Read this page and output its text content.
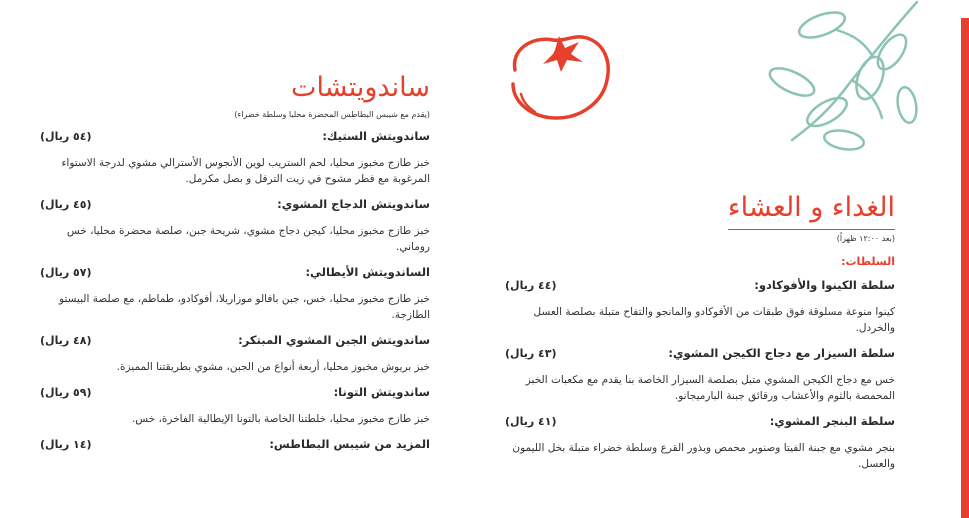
ساندويتشات
(يقدم مع شيبس البطاطس المحضرة محليا وسلطة خضراء)
ساندويتش الستيك:
(٥٤ ريال)
خبز طازج مخبوز محليا، لحم الستريب لوين الأنجوس الأسترالي مشوي لدرجة الاستواء المرغوبة مع فطر مشوح في زيت الترفل و بصل مكرمل.
ساندويتش الدجاج المشوي:
(٤٥ ريال)
خبز طازج مخبوز محليا، كيجن دجاج مشوي، شريحة جبن، صلصة محضرة محليا، خس روماني.
الساندويتش الأيطالي:
(٥٧ ريال)
خبز طازج مخبوز محليا، خس، جبن بافالو موزاريلا، أفوكادو، طماطم، مع صلصة البيستو الطازجة.
ساندويتش الجبن المشوي المبتكر:
(٤٨ ريال)
خبز بريوش مخبوز محليا، أربعة أنواع من الجبن، مشوي بطريقتنا المميزة.
ساندويتش التونا:
(٥٩ ريال)
خبز طازج مخبوز محليا، خلطتنا الخاصة بالتونا الإيطالية الفاخرة، خس.
المزيد من شيبس البطاطس:
(١٤ ريال)
الغداء و العشاء
(بعد ١٢:٠٠ ظهراً)
السلطات:
سلطة الكينوا والأفوكادو:
(٤٤ ريال)
كينوا منوعة مسلوقة فوق طبقات من الأفوكادو والمانجو والتفاح متبلة بصلصة العسل والخردل.
سلطة السيزار مع دجاج الكيجن المشوي:
(٤٣ ريال)
خس مع دجاج الكيجن المشوي متبل بصلصة السيزار الخاصة بنا يقدم مع مكعبات الخبز المحمصة بالثوم والأعشاب ورقائق جبنة البارميجانو.
سلطة البنجر المشوي:
(٤١ ريال)
بنجر مشوي مع جبنة الفيتا وصنوبر محمص وبذور القرع وسلطة خضراء متبلة بخل الليمون والعسل.
